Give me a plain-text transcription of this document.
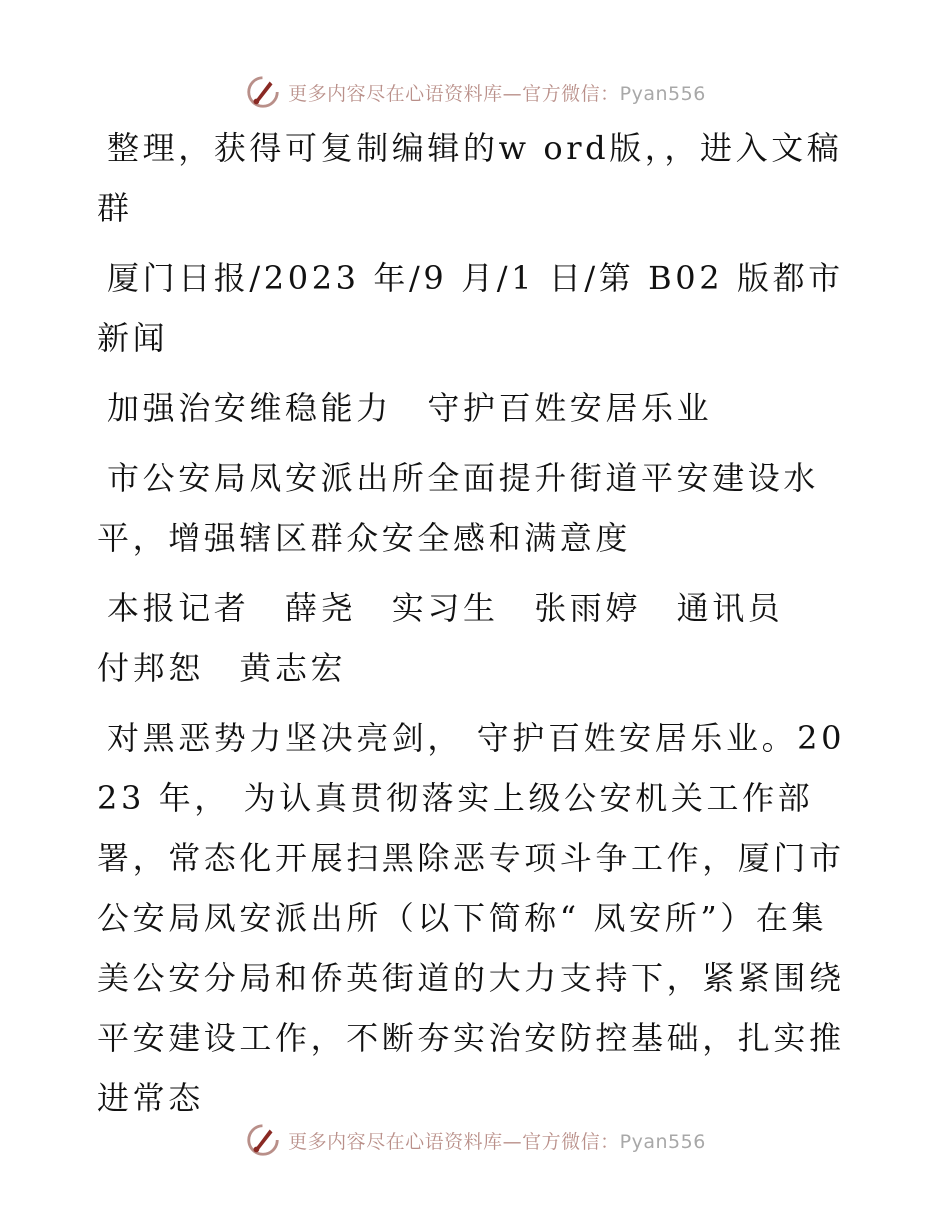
更多内容尽在心语资料库—官方微信：Pyan556

整理，获得可复制编辑的w ord版，，进入文稿群

厦门日报/2023 年/9 月/1 日/第 B02 版都市新闻

加强治安维稳能力　守护百姓安居乐业

市公安局凤安派出所全面提升街道平安建设水平，增强辖区群众安全感和满意度

本报记者　薛尧　实习生　张雨婷　通讯员　付邦恕　黄志宏

对黑恶势力坚决亮剑， 守护百姓安居乐业。2023 年， 为认真贯彻落实上级公安机关工作部署，常态化开展扫黑除恶专项斗争工作，厦门市公安局凤安派出所（以下简称“ 凤安所”）在集美公安分局和侨英街道的大力支持下，紧紧围绕平安建设工作，不断夯实治安防控基础，扎实推进常态

更多内容尽在心语资料库—官方微信：Pyan556
